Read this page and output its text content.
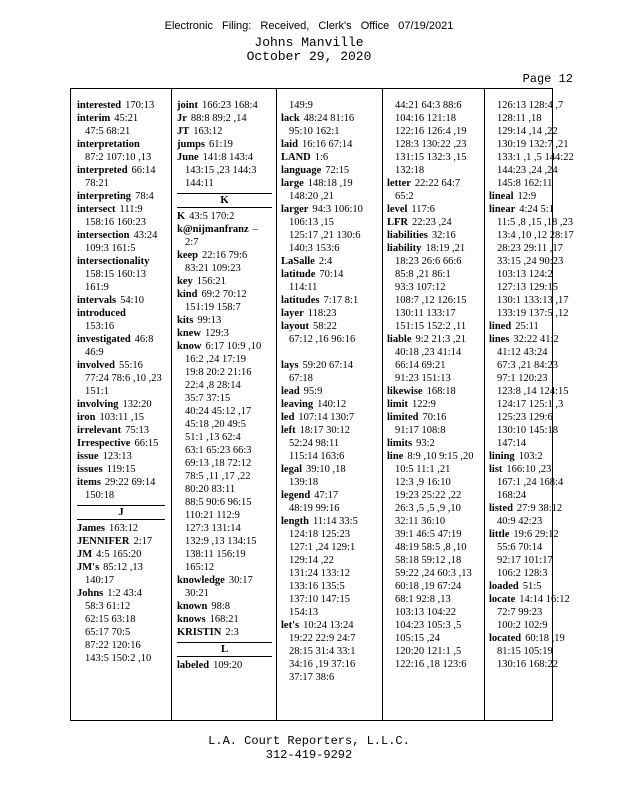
Electronic Filing: Received, Clerk's Office 07/19/2021
Johns Manville
October 29, 2020
Page 12
interested 170:13
interim 45:21
47:5 68:21
interpretation
87:2 107:10 ,13
interpreted 66:14
78:21
interpreting 78:4
intersect 111:9
158:16 160:23
intersection 43:24
109:3 161:5
intersectionality
158:15 160:13
161:9
intervals 54:10
introduced
153:16
investigated 46:8
46:9
involved 55:16
77:24 78:6 ,10 ,23
151:1
involving 132:20
iron 103:11 ,15
irrelevant 75:13
Irrespective 66:15
issue 123:13
issues 119:15
items 29:22 69:14
150:18
J
James 163:12
JENNIFER 2:17
JM 4:5 165:20
JM's 85:12 ,13
140:17
Johns 1:2 43:4
58:3 61:12
62:15 63:18
65:17 70:5
87:22 120:16
143:5 150:2 ,10
joint 166:23 168:4
Jr 88:8 89:2 ,14
JT 163:12
jumps 61:19
June 141:8 143:4
143:15 ,23 144:3
144:11
K
K 43:5 170:2
k@nijmanfranz –
2:7
keep 22:16 79:6
83:21 109:23
key 156:21
kind 69:2 70:12
151:19 158:7
kits 99:13
knew 129:3
know 6:17 10:9 ,10
16:2 ,24 17:19
19:8 20:2 21:16
22:4 ,8 28:14
35:7 37:15
40:24 45:12 ,17
45:18 ,20 49:5
51:1 ,13 62:4
63:1 65:23 66:3
69:13 ,18 72:12
78:5 ,11 ,17 ,22
80:20 83:11
88:5 90:6 96:15
110:21 112:9
127:3 131:14
132:9 ,13 134:15
138:11 156:19
165:12
knowledge 30:17
30:21
known 98:8
knows 168:21
KRISTIN 2:3
L
labeled 109:20
149:9
lack 48:24 81:16
95:10 162:1
laid 16:16 67:14
LAND 1:6
language 72:15
large 148:18 ,19
148:20 ,21
larger 94:3 106:10
106:13 ,15
125:17 ,21 130:6
140:3 153:6
LaSalle 2:4
latitude 70:14
114:11
latitudes 7:17 8:1
layer 118:23
layout 58:22
67:12 ,16 96:16

lays 59:20 67:14
67:18
lead 95:9
leaving 140:12
led 107:14 130:7
left 18:17 30:12
52:24 98:11
115:14 163:6
legal 39:10 ,18
139:18
legend 47:17
48:19 99:16
length 11:14 33:5
124:18 125:23
127:1 ,24 129:1
129:14 ,22
131:24 133:12
133:16 135:5
137:10 147:15
154:13
let's 10:24 13:24
19:22 22:9 24:7
28:15 31:4 33:1
34:16 ,19 37:16
37:17 38:6
44:21 64:3 88:6
104:16 121:18
122:16 126:4 ,19
128:3 130:22 ,23
131:15 132:3 ,15
132:18
letter 22:22 64:7
65:2
level 117:6
LFR 22:23 ,24
liabilities 32:16
liability 18:19 ,21
18:23 26:6 66:6
85:8 ,21 86:1
93:3 107:12
108:7 ,12 126:15
130:11 133:17
151:15 152:2 ,11
liable 9:2 21:3 ,21
40:18 ,23 41:14
66:14 69:21
91:23 151:13
likewise 168:18
limit 122:9
limited 70:16
91:17 108:8
limits 93:2
line 8:9 ,10 9:15 ,20
10:5 11:1 ,21
12:3 ,9 16:10
19:23 25:22 ,22
26:3 ,5 ,5 ,9 ,10
32:11 36:10
39:1 46:5 47:19
48:19 58:5 ,8 ,10
58:18 59:12 ,18
59:22 ,24 60:3 ,13
60:18 ,19 67:24
68:1 92:8 ,13
103:13 104:22
104:23 105:3 ,5
105:15 ,24
120:20 121:1 ,5
122:16 ,18 123:6
126:13 128:4 ,7
128:11 ,18
129:14 ,14 ,22
130:19 132:7 ,21
133:1 ,1 ,5 144:22
144:23 ,24 ,24
145:8 162:11
lineal 12:9
linear 4:24 5:1
11:5 ,8 ,15 ,18 ,23
13:4 ,10 ,12 28:17
28:23 29:11 ,17
33:15 ,24 90:23
103:13 124:2
127:13 129:15
130:1 133:13 ,17
133:19 137:5 ,12
lined 25:11
lines 32:22 41:2
41:12 43:24
67:3 ,21 84:23
97:1 120:23
123:8 ,14 124:15
124:17 125:1 ,3
125:23 129:6
130:10 145:18
147:14
lining 103:2
list 166:10 ,23
167:1 ,24 168:4
168:24
listed 27:9 38:12
40:9 42:23
little 19:6 29:12
55:6 70:14
92:17 101:17
106:2 128:3
loaded 51:5
locate 14:14 16:12
72:7 99:23
100:2 102:9
located 60:18 ,19
81:15 105:19
130:16 168:22
L.A. Court Reporters, L.L.C.
312-419-9292
